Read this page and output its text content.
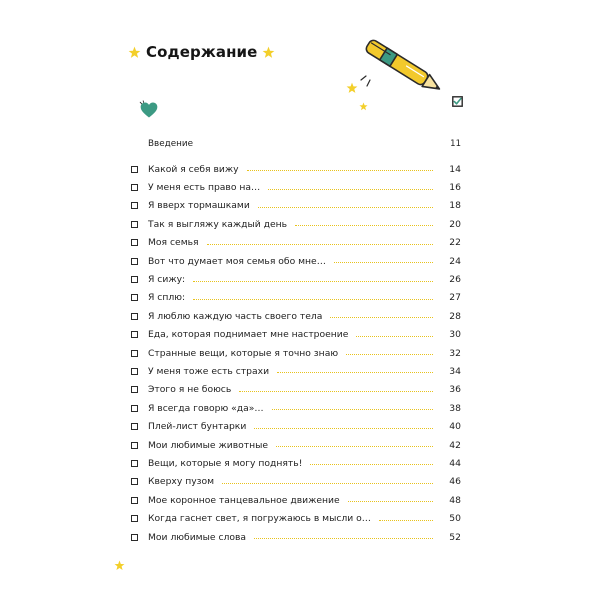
Содержание
Введение	11
Какой я себя вижу	14
У меня есть право на…	16
Я вверх тормашками	18
Так я выгляжу каждый день	20
Моя семья	22
Вот что думает моя семья обо мне…	24
Я сижу:	26
Я сплю:	27
Я люблю каждую часть своего тела	28
Еда, которая поднимает мне настроение	30
Странные вещи, которые я точно знаю	32
У меня тоже есть страхи	34
Этого я не боюсь	36
Я всегда говорю «да»…	38
Плей-лист бунтарки	40
Мои любимые животные	42
Вещи, которые я могу поднять!	44
Кверху пузом	46
Мое коронное танцевальное движение	48
Когда гаснет свет, я погружаюсь в мысли о…	50
Мои любимые слова	52
